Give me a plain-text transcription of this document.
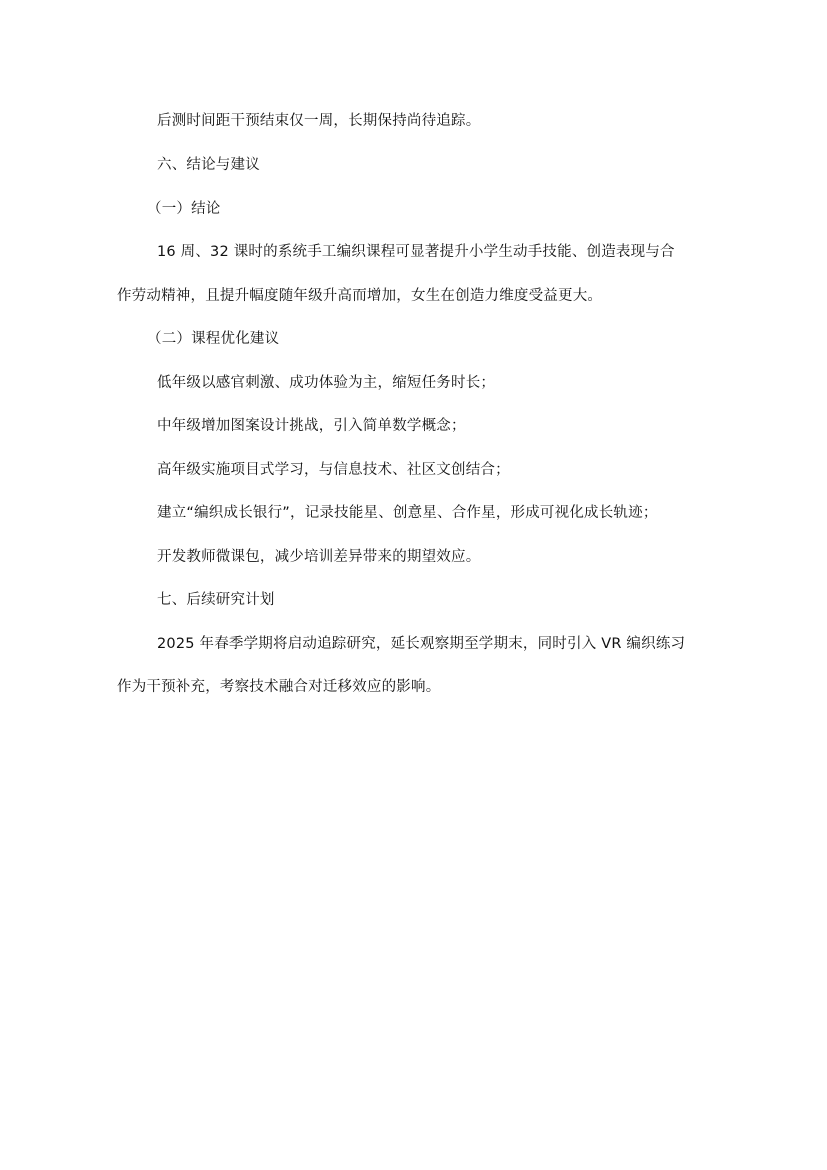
后测时间距干预结束仅一周，长期保持尚待追踪。
六、结论与建议
（一）结论
16 周、32 课时的系统手工编织课程可显著提升小学生动手技能、创造表现与合
作劳动精神，且提升幅度随年级升高而增加，女生在创造力维度受益更大。
（二）课程优化建议
低年级以感官刺激、成功体验为主，缩短任务时长；
中年级增加图案设计挑战，引入简单数学概念；
高年级实施项目式学习，与信息技术、社区文创结合；
建立“编织成长银行”，记录技能星、创意星、合作星，形成可视化成长轨迹；
开发教师微课包，减少培训差异带来的期望效应。
七、后续研究计划
2025 年春季学期将启动追踪研究，延长观察期至学期末，同时引入 VR 编织练习
作为干预补充，考察技术融合对迁移效应的影响。
